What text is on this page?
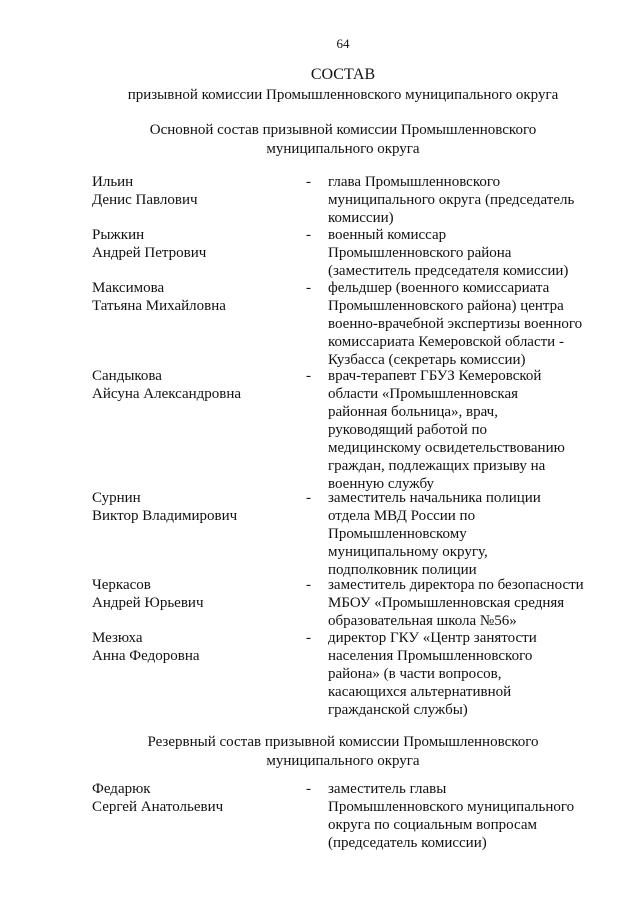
64
СОСТАВ
призывной комиссии Промышленновского муниципального округа
Основной состав призывной комиссии Промышленновского
муниципального округа
Ильин
Денис Павлович
- глава Промышленновского
муниципального округа (председатель
комиссии)
Рыжкин
Андрей Петрович
- военный комиссар
Промышленновского района
(заместитель председателя комиссии)
Максимова
Татьяна Михайловна
- фельдшер (военного комиссариата
Промышленновского района) центра
военно-врачебной экспертизы военного
комиссариата Кемеровской области -
Кузбасса (секретарь комиссии)
Сандыкова
Айсуна Александровна
- врач-терапевт ГБУЗ Кемеровской
области «Промышленновская
районная больница», врач,
руководящий работой по
медицинскому освидетельствованию
граждан, подлежащих призыву на
военную службу
Сурнин
Виктор Владимирович
- заместитель начальника полиции
отдела МВД России по
Промышленновскому
муниципальному округу,
подполковник полиции
Черкасов
Андрей Юрьевич
- заместитель директора по безопасности
МБОУ «Промышленновская средняя
образовательная школа №56»
Мезюха
Анна Федоровна
- директор ГКУ «Центр занятости
населения Промышленновского
района» (в части вопросов,
касающихся альтернативной
гражданской службы)
Резервный состав призывной комиссии Промышленновского
муниципального округа
Федарюк
Сергей Анатольевич
- заместитель главы
Промышленновского муниципального
округа по социальным вопросам
(председатель комиссии)
